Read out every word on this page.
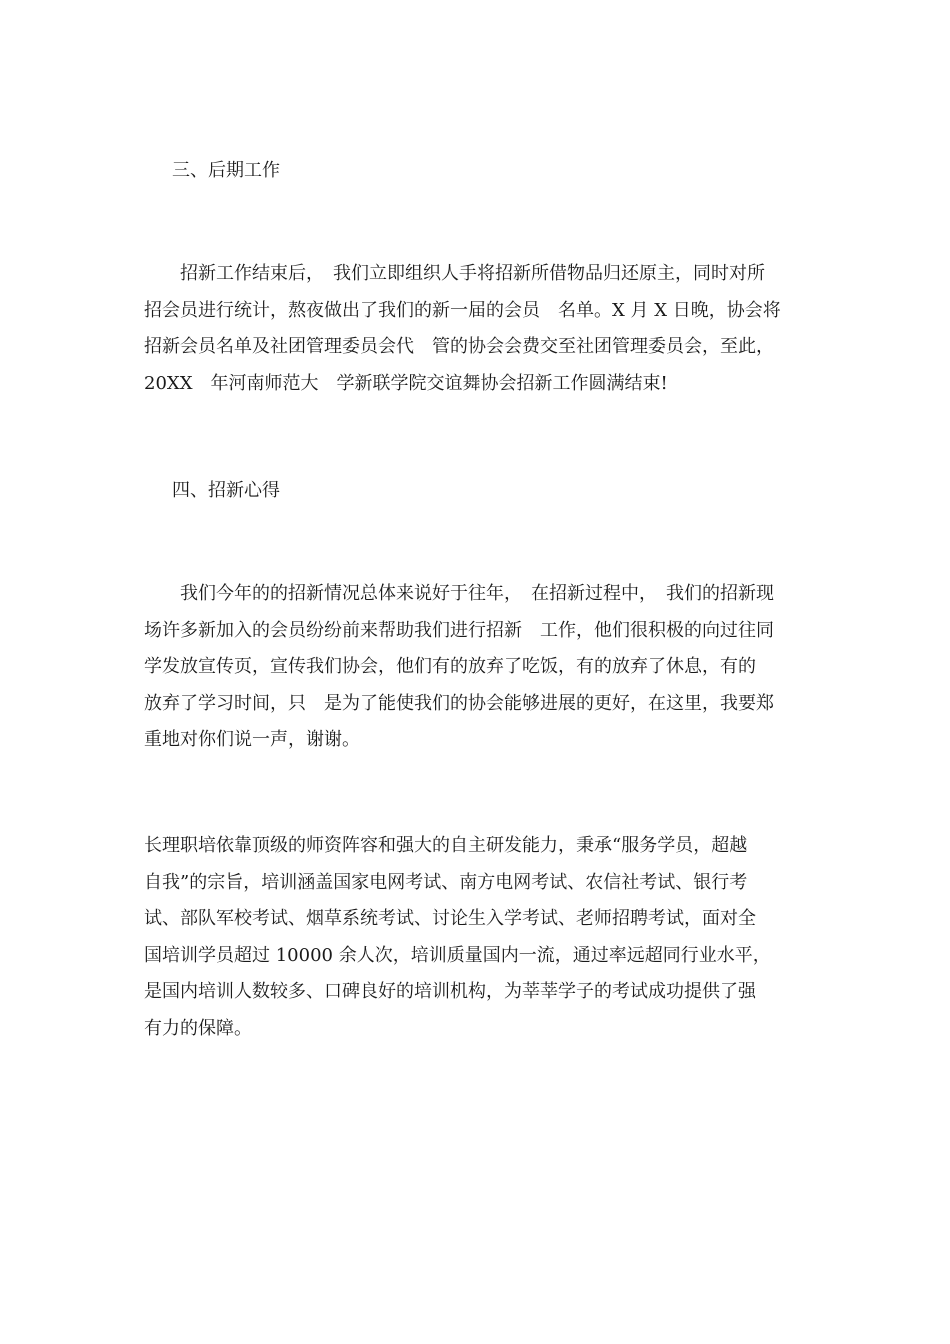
三、后期工作
　　招新工作结束后，　我们立即组织人手将招新所借物品归还原主，同时对所
招会员进行统计，熬夜做出了我们的新一届的会员　名单。X 月 X 日晚，协会将
招新会员名单及社团管理委员会代　管的协会会费交至社团管理委员会，至此，
20XX　年河南师范大　学新联学院交谊舞协会招新工作圆满结束!
四、招新心得
　　我们今年的的招新情况总体来说好于往年，　在招新过程中，　我们的招新现
场许多新加入的会员纷纷前来帮助我们进行招新　工作，他们很积极的向过往同
学发放宣传页，宣传我们协会，他们有的放弃了吃饭，有的放弃了休息，有的
放弃了学习时间，只　是为了能使我们的协会能够进展的更好，在这里，我要郑
重地对你们说一声，谢谢。
长理职培依靠顶级的师资阵容和强大的自主研发能力，秉承“服务学员，超越
自我”的宗旨，培训涵盖国家电网考试、南方电网考试、农信社考试、银行考
试、部队军校考试、烟草系统考试、讨论生入学考试、老师招聘考试，面对全
国培训学员超过 10000 余人次，培训质量国内一流，通过率远超同行业水平，
是国内培训人数较多、口碑良好的培训机构，为莘莘学子的考试成功提供了强
有力的保障。
